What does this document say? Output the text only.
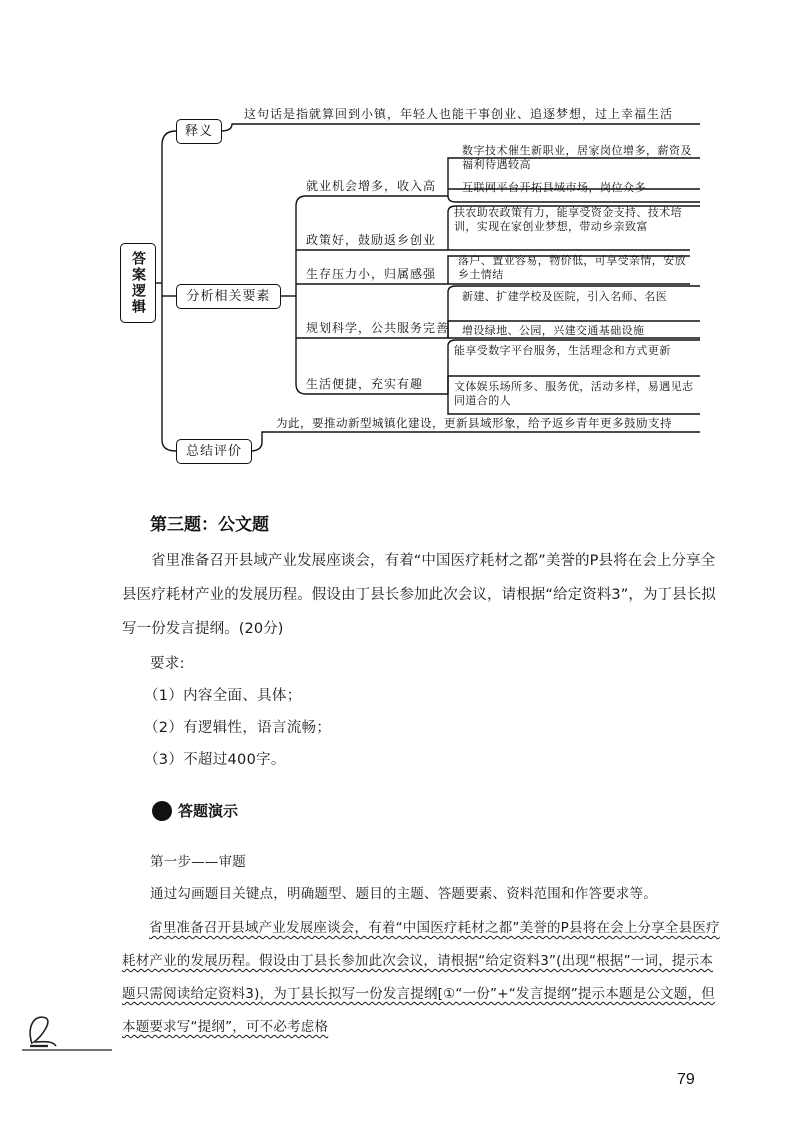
答案逻辑
释义
分析相关要素
总结评价
这句话是指就算回到小镇，年轻人也能干事创业、追逐梦想，过上幸福生活
就业机会增多，收入高
政策好，鼓励返乡创业
生存压力小，归属感强
规划科学，公共服务完善
生活便捷，充实有趣
数字技术催生新职业，居家岗位增多，薪资及福利待遇较高
互联网平台开拓县域市场，岗位众多
扶农助农政策有力，能享受资金支持、技术培训，实现在家创业梦想，带动乡亲致富
落户、置业容易，物价低，可享受亲情，安放乡土情结
新建、扩建学校及医院，引入名师、名医
增设绿地、公园，兴建交通基础设施
能享受数字平台服务，生活理念和方式更新
文体娱乐场所多、服务优，活动多样，易遇见志同道合的人
为此，要推动新型城镇化建设，更新县域形象，给予返乡青年更多鼓励支持
第三题：公文题
省里准备召开县域产业发展座谈会，有着“中国医疗耗材之都”美誉的P县将在会上分享全县医疗耗材产业的发展历程。假设由丁县长参加此次会议，请根据“给定资料3”，为丁县长拟写一份发言提纲。(20分)
要求:
（1）内容全面、具体；
（2）有逻辑性，语言流畅；
（3）不超过400字。
答题演示
第一步——审题
通过勾画题目关键点，明确题型、题目的主题、答题要素、资料范围和作答要求等。
省里准备召开县域产业发展座谈会，有着“中国医疗耗材之都”美誉的P县将在会上分享全县医疗耗材产业的发展历程。假设由丁县长参加此次会议，请根据“给定资料3”(出现“根据”一词，提示本题只需阅读给定资料3)，为丁县长拟写一份发言提纲[①“一份”+“发言提纲”提示本题是公文题，但本题要求写“提纲”，可不必考虑格
79
